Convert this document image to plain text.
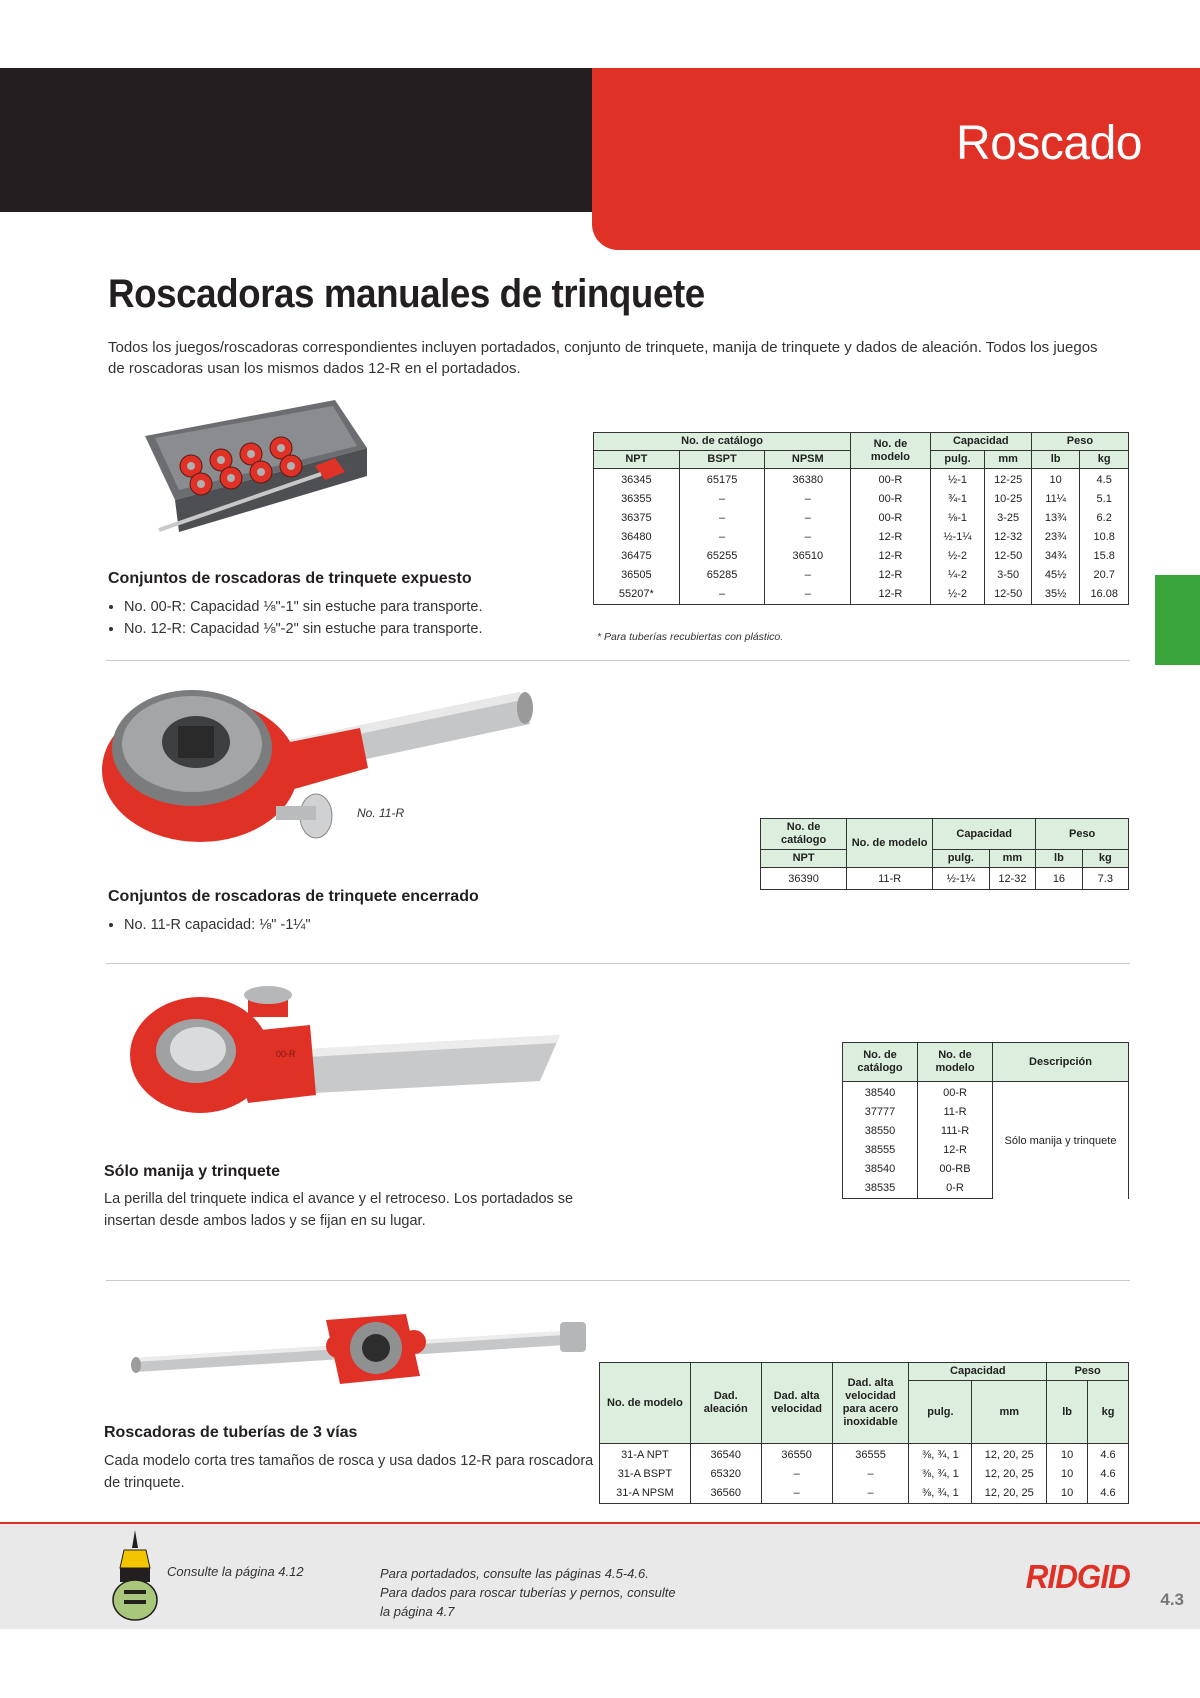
Roscado
Roscadoras manuales de trinquete
Todos los juegos/roscadoras correspondientes incluyen portadados, conjunto de trinquete, manija de trinquete y dados de aleación. Todos los juegos de roscadoras usan los mismos dados 12-R en el portadados.
Conjuntos de roscadoras de trinquete expuesto
• No. 00-R: Capacidad ⅛"-1" sin estuche para transporte.
• No. 12-R: Capacidad ⅛"-2" sin estuche para transporte.
No. de catálogo			No. de modelo	Capacidad		Peso	
NPT	BSPT	NPSM		pulg.	mm	lb	kg
36345	65175	36380	00-R	½-1	12-25	10	4.5
36355	–	–	00-R	¾-1	10-25	11¼	5.1
36375	–	–	00-R	⅛-1	3-25	13¾	6.2
36480	–	–	12-R	½-1¼	12-32	23¾	10.8
36475	65255	36510	12-R	½-2	12-50	34¾	15.8
36505	65285	–	12-R	¼-2	3-50	45½	20.7
55207*	–	–	12-R	½-2	12-50	35½	16.08
* Para tuberías recubiertas con plástico.
No. 11-R
Conjuntos de roscadoras de trinquete encerrado
• No. 11-R capacidad: ⅛" -1¼"
No. de catálogo	No. de modelo	Capacidad		Peso	
NPT		pulg.	mm	lb	kg
36390	11-R	½-1¼	12-32	16	7.3
00-R
Sólo manija y trinquete
La perilla del trinquete indica el avance y el retroceso. Los portadados se insertan desde ambos lados y se fijan en su lugar.
No. de catálogo	No. de modelo	Descripción
38540	00-R	Sólo manija y trinquete
37777	11-R	
38550	111-R	
38555	12-R	
38540	00-RB	
38535	0-R	
Roscadoras de tuberías de 3 vías
Cada modelo corta tres tamaños de rosca y usa dados 12-R para roscadora de trinquete.
No. de modelo	Dad. aleación	Dad. alta velocidad	Dad. alta velocidad para acero inoxidable	Capacidad		Peso	
				pulg.	mm	lb	kg
31-A NPT	36540	36550	36555	⅜, ¾, 1	12, 20, 25	10	4.6
31-A BSPT	65320	–	–	⅜, ¾, 1	12, 20, 25	10	4.6
31-A NPSM	36560	–	–	⅜, ¾, 1	12, 20, 25	10	4.6
Consulte la página 4.12	Para portadados, consulte las páginas 4.5-4.6.
Para dados para roscar tuberías y pernos, consulte
la página 4.7
RIDGID
4.3
